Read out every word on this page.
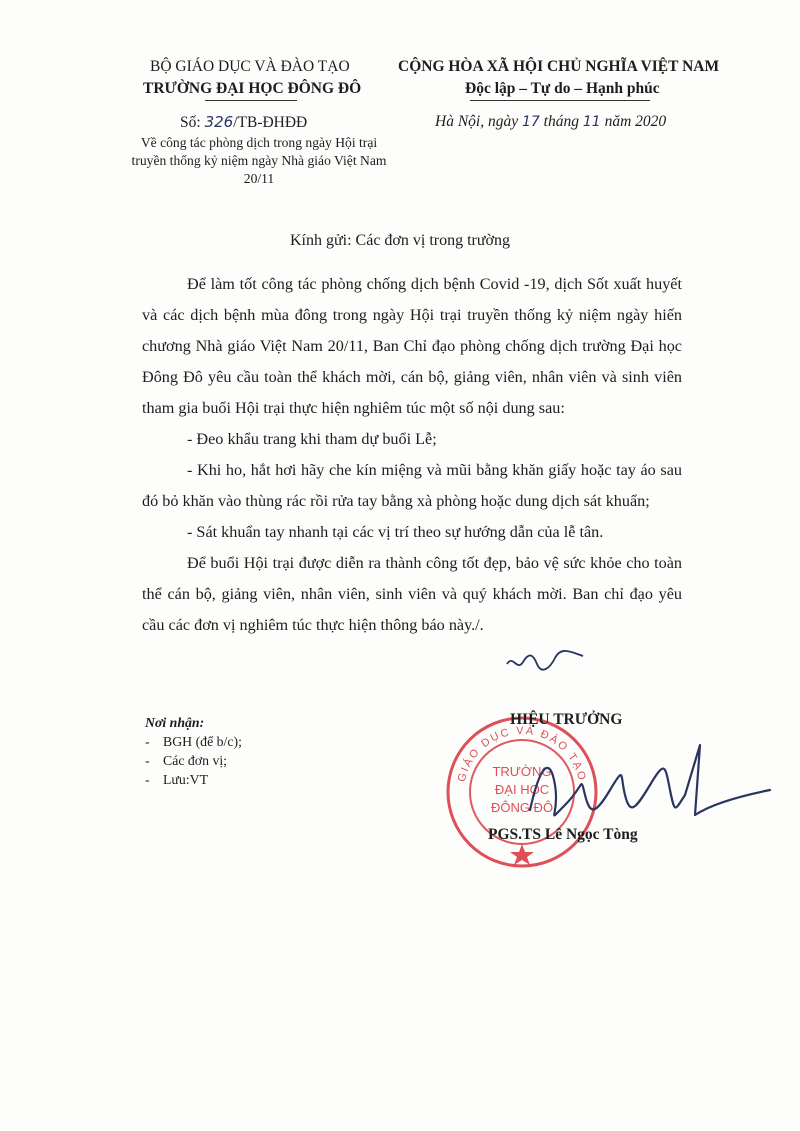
BỘ GIÁO DỤC VÀ ĐÀO TẠO
TRƯỜNG ĐẠI HỌC ĐÔNG ĐÔ
Số: 326/TB-ĐHĐĐ
Về công tác phòng dịch trong ngày Hội trại truyền thống kỷ niệm ngày Nhà giáo Việt Nam 20/11
CỘNG HÒA XÃ HỘI CHỦ NGHĨA VIỆT NAM
Độc lập – Tự do – Hạnh phúc
Hà Nội, ngày 17 tháng 11 năm 2020
Kính gửi: Các đơn vị trong trường

Để làm tốt công tác phòng chống dịch bệnh Covid -19, dịch Sốt xuất huyết và các dịch bệnh mùa đông trong ngày Hội trại truyền thống kỷ niệm ngày hiến chương Nhà giáo Việt Nam 20/11, Ban Chỉ đạo phòng chống dịch trường Đại học Đông Đô yêu cầu toàn thể khách mời, cán bộ, giảng viên, nhân viên và sinh viên tham gia buổi Hội trại thực hiện nghiêm túc một số nội dung sau:

- Đeo khẩu trang khi tham dự buổi Lễ;

- Khi ho, hắt hơi hãy che kín miệng và mũi bằng khăn giấy hoặc tay áo sau đó bỏ khăn vào thùng rác rồi rửa tay bằng xà phòng hoặc dung dịch sát khuẩn;

- Sát khuẩn tay nhanh tại các vị trí theo sự hướng dẫn của lễ tân.

Để buổi Hội trại được diễn ra thành công tốt đẹp, bảo vệ sức khỏe cho toàn thể cán bộ, giảng viên, nhân viên, sinh viên và quý khách mời. Ban chỉ đạo yêu cầu các đơn vị nghiêm túc thực hiện thông báo này./.

Nơi nhận:
- BGH (để b/c);
- Các đơn vị;
- Lưu:VT	GIÁO DỤC VÀ ĐÀO TẠO
TRƯỜNG
ĐẠI HỌC
ĐÔNG ĐÔ
HIỆU TRƯỞNG
PGS.TS Lê Ngọc Tòng
